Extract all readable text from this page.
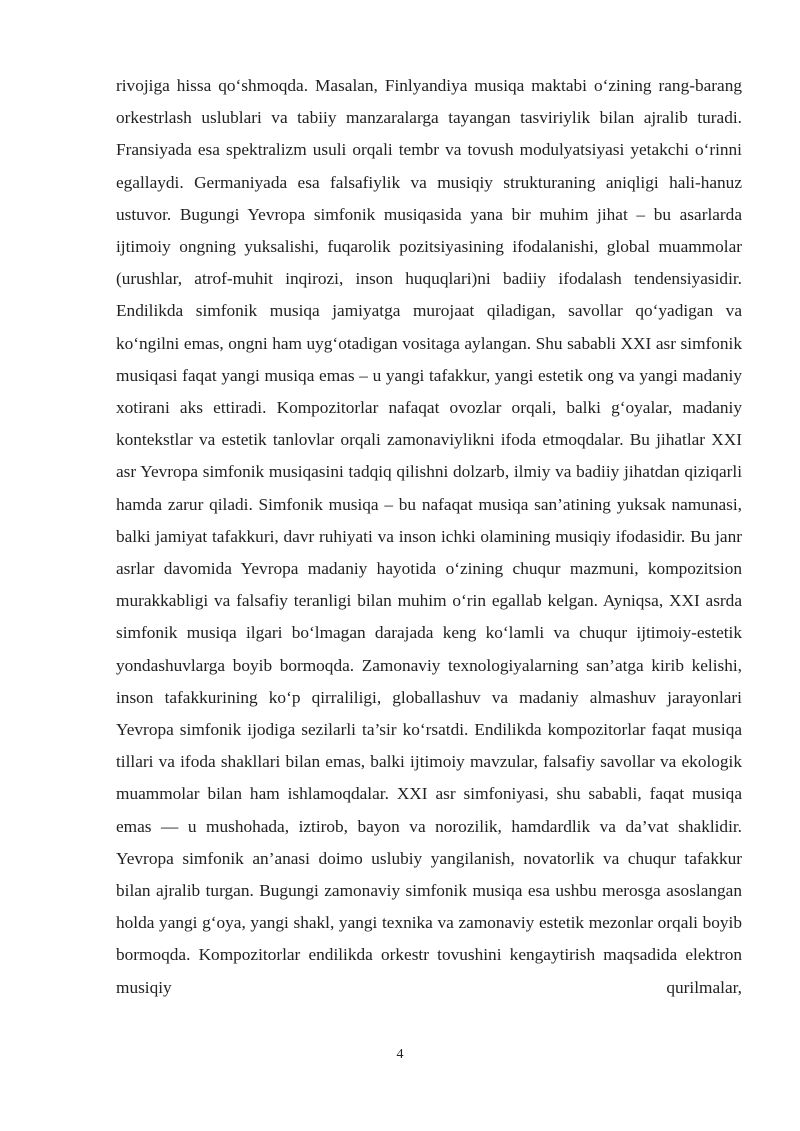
rivojiga hissa qo‘shmoqda. Masalan, Finlyandiya musiqa maktabi o‘zining rang-barang orkestrlash uslublari va tabiiy manzaralarga tayangan tasviriylik bilan ajralib turadi. Fransiyada esa spektralizm usuli orqali tembr va tovush modulyatsiyasi yetakchi o‘rinni egallaydi. Germaniyada esa falsafiylik va musiqiy strukturaning aniqligi hali-hanuz ustuvor. Bugungi Yevropa simfonik musiqasida yana bir muhim jihat – bu asarlarda ijtimoiy ongning yuksalishi, fuqarolik pozitsiyasining ifodalanishi, global muammolar (urushlar, atrof-muhit inqirozi, inson huquqlari)ni badiiy ifodalash tendensiyasidir. Endilikda simfonik musiqa jamiyatga murojaat qiladigan, savollar qo‘yadigan va ko‘ngilni emas, ongni ham uyg‘otadigan vositaga aylangan. Shu sababli XXI asr simfonik musiqasi faqat yangi musiqa emas – u yangi tafakkur, yangi estetik ong va yangi madaniy xotirani aks ettiradi. Kompozitorlar nafaqat ovozlar orqali, balki g‘oyalar, madaniy kontekstlar va estetik tanlovlar orqali zamonaviylikni ifoda etmoqdalar. Bu jihatlar XXI asr Yevropa simfonik musiqasini tadqiq qilishni dolzarb, ilmiy va badiiy jihatdan qiziqarli hamda zarur qiladi. Simfonik musiqa – bu nafaqat musiqa san’atining yuksak namunasi, balki jamiyat tafakkuri, davr ruhiyati va inson ichki olamining musiqiy ifodasidir. Bu janr asrlar davomida Yevropa madaniy hayotida o‘zining chuqur mazmuni, kompozitsion murakkabligi va falsafiy teranligi bilan muhim o‘rin egallab kelgan. Ayniqsa, XXI asrda simfonik musiqa ilgari bo‘lmagan darajada keng ko‘lamli va chuqur ijtimoiy-estetik yondashuvlarga boyib bormoqda. Zamonaviy texnologiyalarning san’atga kirib kelishi, inson tafakkurining ko‘p qirraliligi, globallashuv va madaniy almashuv jarayonlari Yevropa simfonik ijodiga sezilarli ta’sir ko‘rsatdi. Endilikda kompozitorlar faqat musiqa tillari va ifoda shakllari bilan emas, balki ijtimoiy mavzular, falsafiy savollar va ekologik muammolar bilan ham ishlamoqdalar. XXI asr simfoniyasi, shu sababli, faqat musiqa emas — u mushohada, iztirob, bayon va norozilik, hamdardlik va da’vat shaklidir. Yevropa simfonik an’anasi doimo uslubiy yangilanish, novatorlik va chuqur tafakkur bilan ajralib turgan. Bugungi zamonaviy simfonik musiqa esa ushbu merosga asoslangan holda yangi g‘oya, yangi shakl, yangi texnika va zamonaviy estetik mezonlar orqali boyib bormoqda. Kompozitorlar endilikda orkestr tovushini kengaytirish maqsadida elektron musiqiy qurilmalar,

4
